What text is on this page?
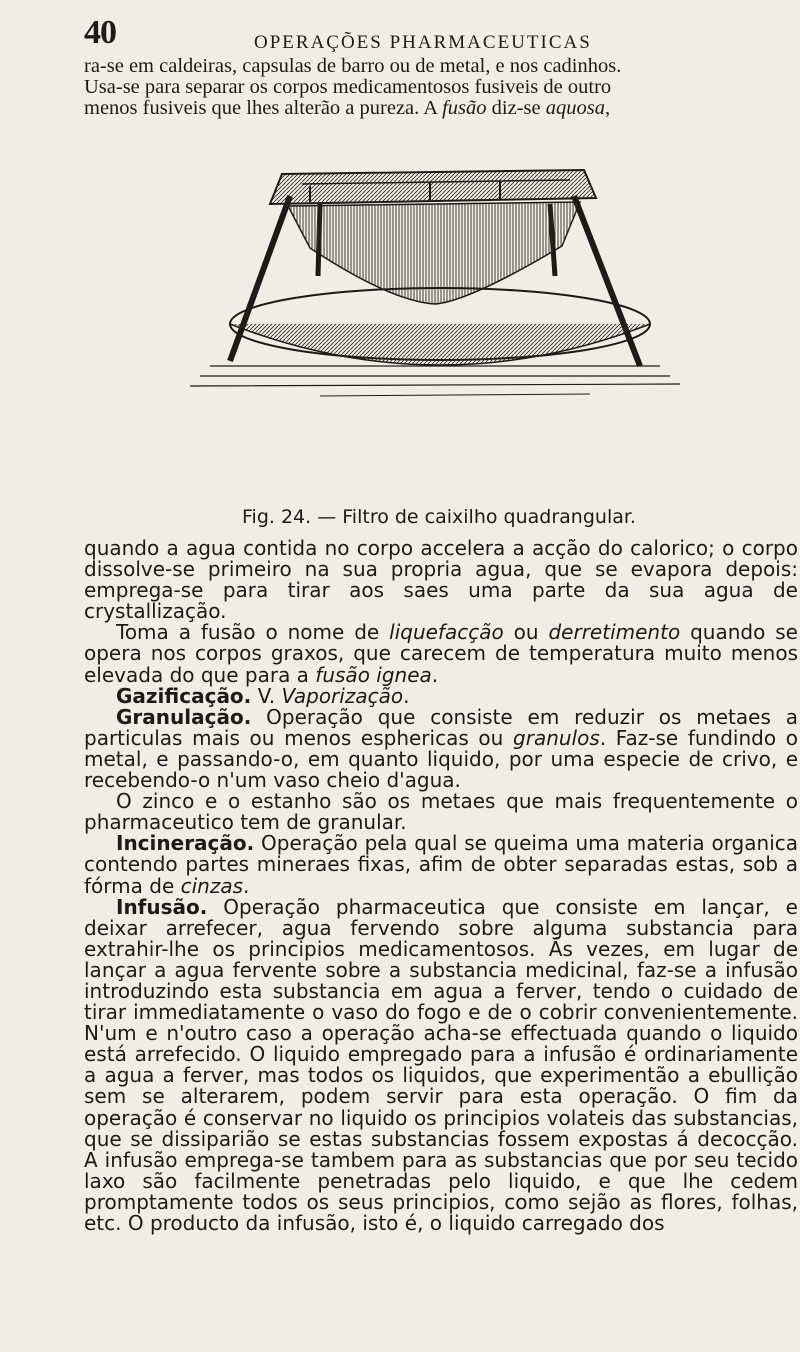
40	OPERAÇÕES PHARMACEUTICAS

ra-se em caldeiras, capsulas de barro ou de metal, e nos cadinhos.
Usa-se para separar os corpos medicamentosos fusiveis de outro
menos fusiveis que lhes alterão a pureza. A fusão diz-se aquosa,

Fig. 24. — Filtro de caixilho quadrangular.

quando a agua contida no corpo accelera a acção do calorico; o corpo dissolve-se primeiro na sua propria agua, que se evapora depois: emprega-se para tirar aos saes uma parte da sua agua de crystallização.

Toma a fusão o nome de liquefacção ou derretimento quando se opera nos corpos graxos, que carecem de temperatura muito menos elevada do que para a fusão ignea.

Gazificação. V. Vaporização.

Granulação. Operação que consiste em reduzir os metaes a particulas mais ou menos esphericas ou granulos. Faz-se fundindo o metal, e passando-o, em quanto liquido, por uma especie de crivo, e recebendo-o n'um vaso cheio d'agua.

O zinco e o estanho são os metaes que mais frequentemente o pharmaceutico tem de granular.

Incineração. Operação pela qual se queima uma materia organica contendo partes mineraes fixas, afim de obter separadas estas, sob a fórma de cinzas.

Infusão. Operação pharmaceutica que consiste em lançar, e deixar arrefecer, agua fervendo sobre alguma substancia para extrahir-lhe os principios medicamentosos. Ás vezes, em lugar de lançar a agua fervente sobre a substancia medicinal, faz-se a infusão introduzindo esta substancia em agua a ferver, tendo o cuidado de tirar immediatamente o vaso do fogo e de o cobrir convenientemente. N'um e n'outro caso a operação acha-se effectuada quando o liquido está arrefecido. O liquido empregado para a infusão é ordinariamente a agua a ferver, mas todos os liquidos, que experimentão a ebullição sem se alterarem, podem servir para esta operação. O fim da operação é conservar no liquido os principios volateis das substancias, que se dissiparião se estas substancias fossem expostas á decocção. A infusão emprega-se tambem para as substancias que por seu tecido laxo são facilmente penetradas pelo liquido, e que lhe cedem promptamente todos os seus principios, como sejão as flores, folhas, etc. O producto da infusão, isto é, o liquido carregado dos
